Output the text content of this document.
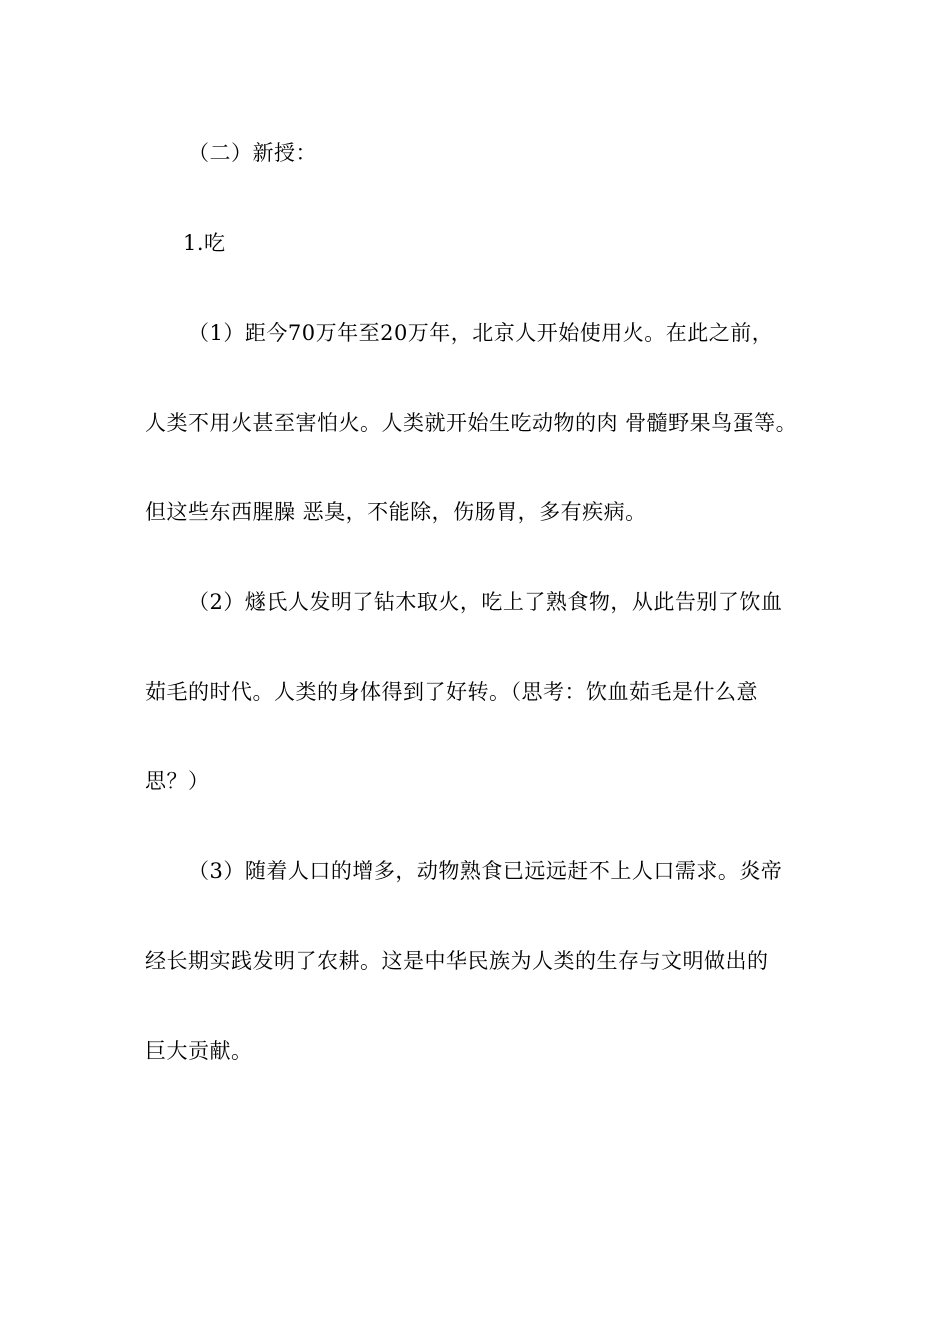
（二）新授：
1.吃
（1）距今70万年至20万年，北京人开始使用火。在此之前，
人类不用火甚至害怕火。人类就开始生吃动物的肉 骨髓野果鸟蛋等。
但这些东西腥臊 恶臭，不能除，伤肠胃，多有疾病。
（2）燧氏人发明了钻木取火，吃上了熟食物，从此告别了饮血
茹毛的时代。人类的身体得到了好转。（思考：饮血茹毛是什么意
思？）
（3）随着人口的增多，动物熟食已远远赶不上人口需求。炎帝
经长期实践发明了农耕。这是中华民族为人类的生存与文明做出的
巨大贡献。
